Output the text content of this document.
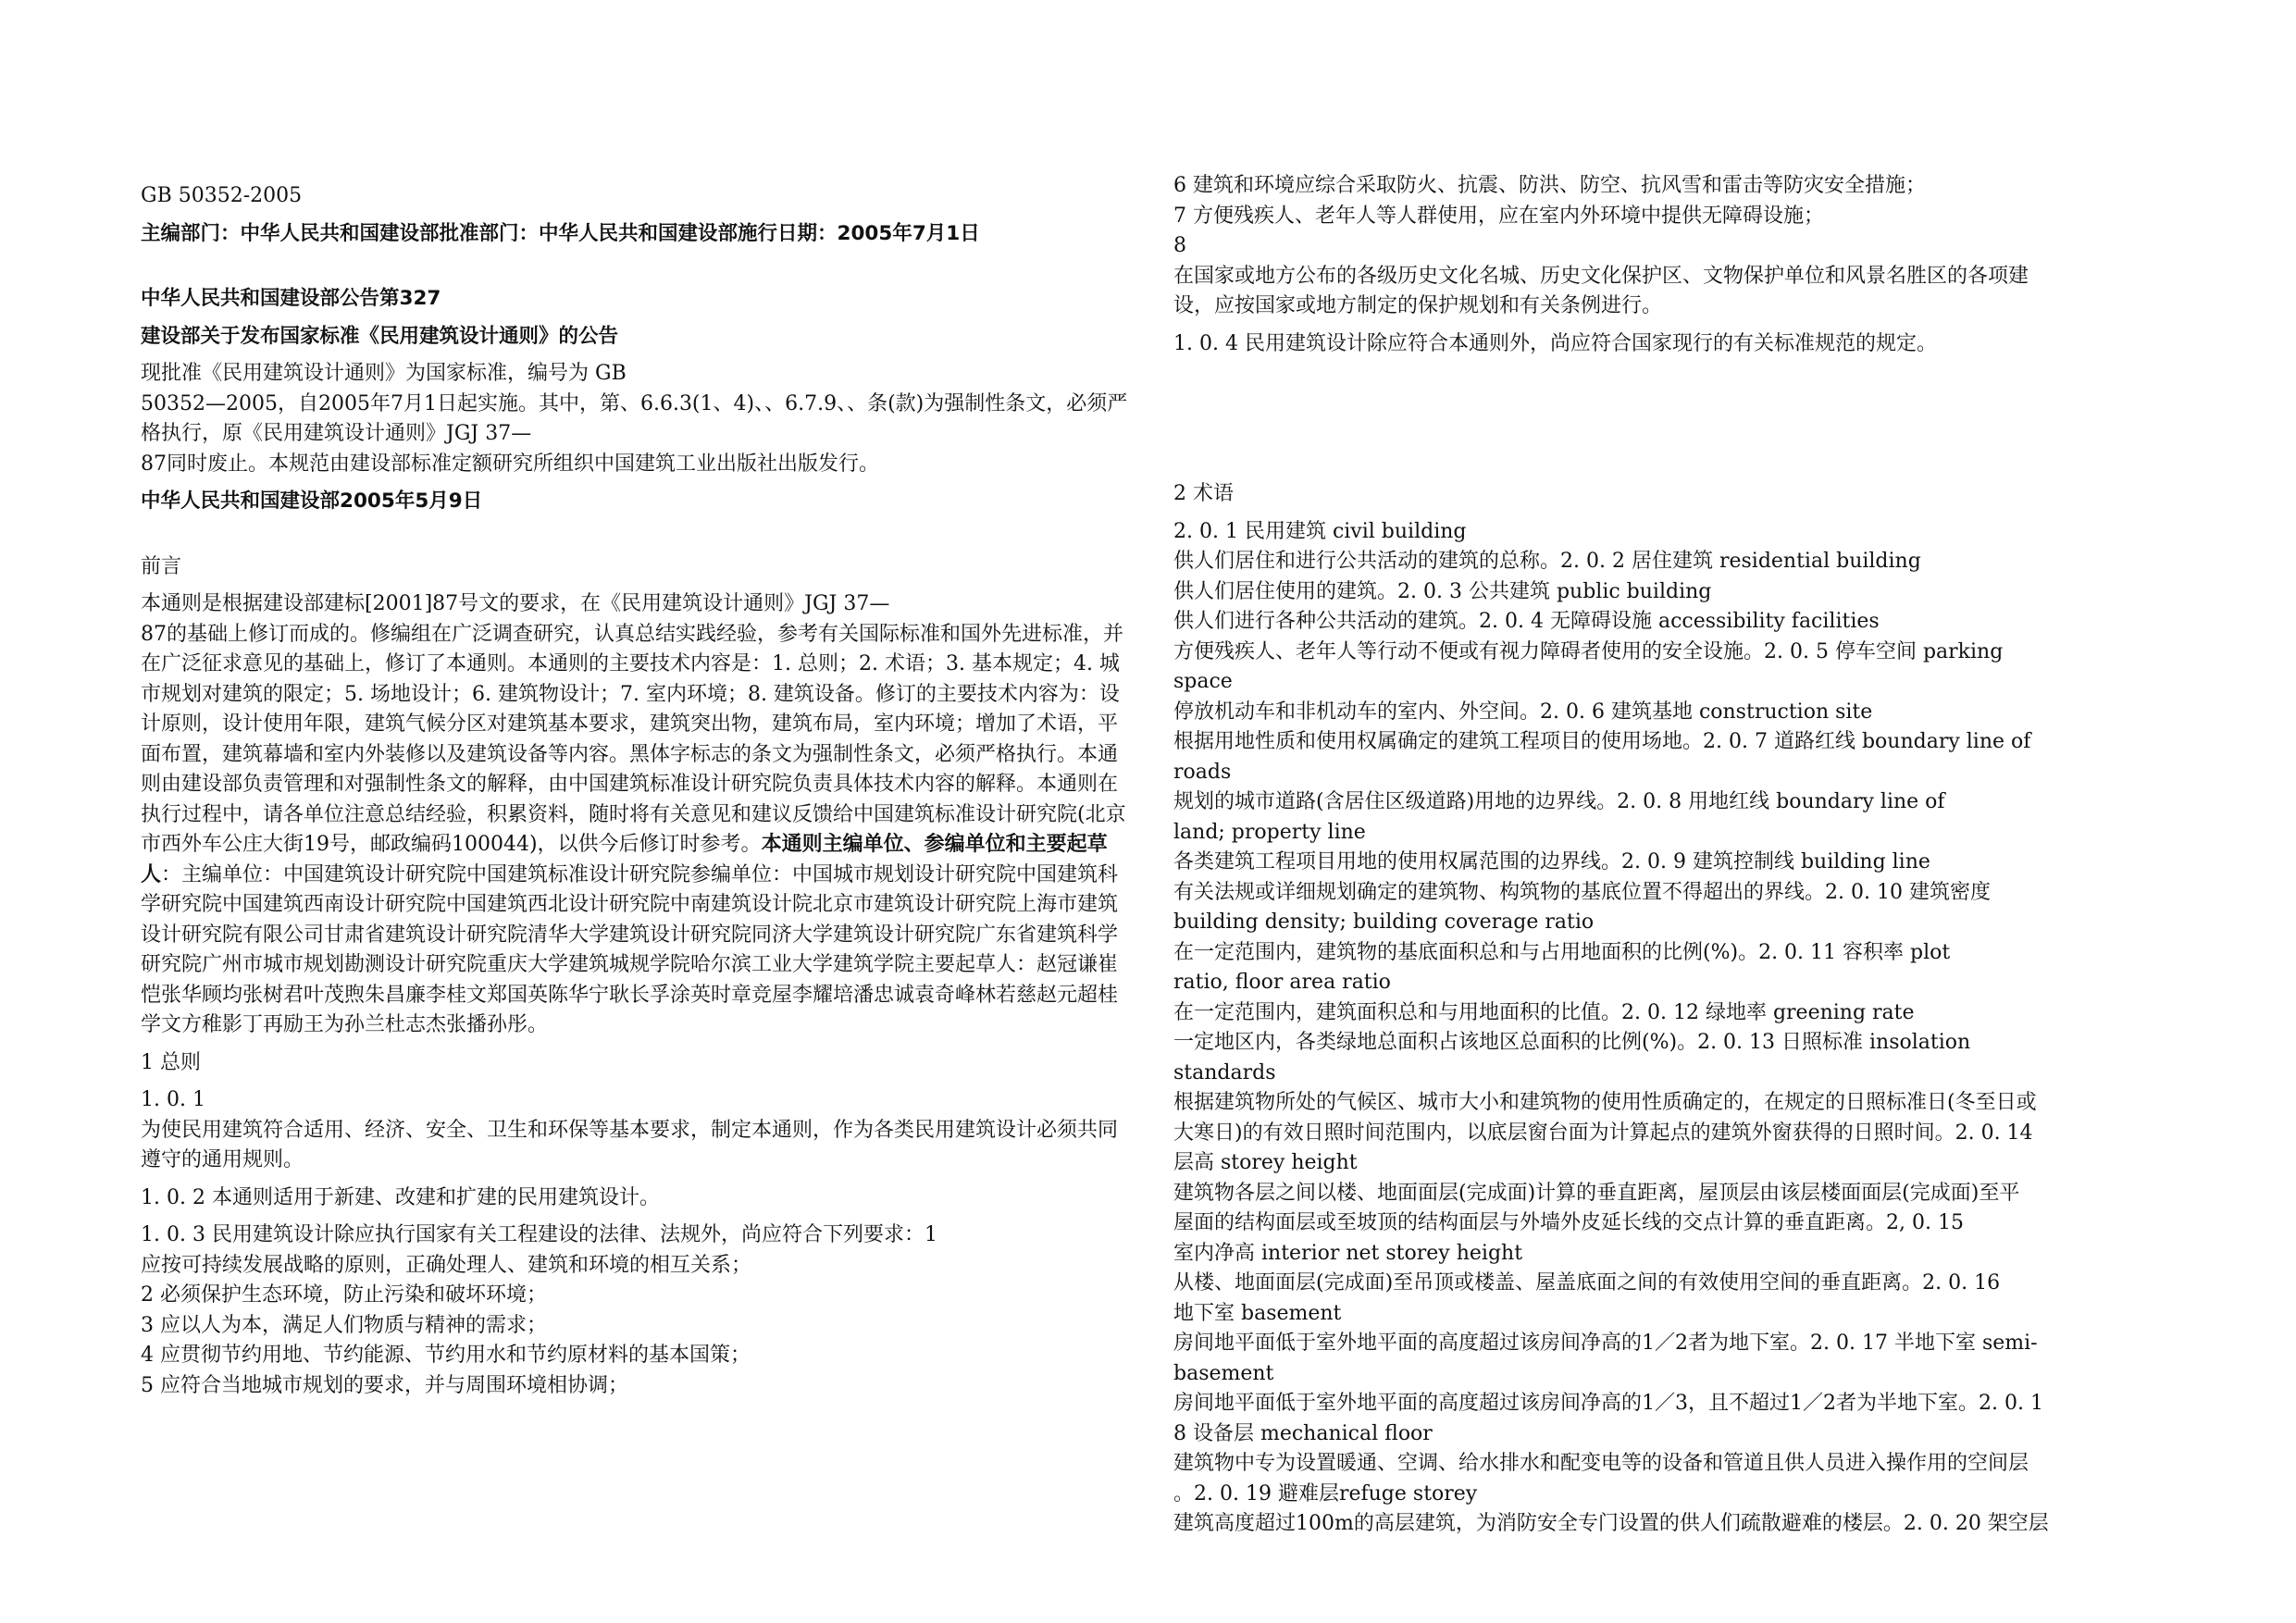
GB 50352-2005
主编部门：中华人民共和国建设部批准部门：中华人民共和国建设部施行日期：2005年7月1日
中华人民共和国建设部公告第327
建设部关于发布国家标准《民用建筑设计通则》的公告
现批准《民用建筑设计通则》为国家标准，编号为 GB
50352—2005，自2005年7月1日起实施。其中，第、6.6.3(1、4)、、6.7.9、、条(款)为强制性条文，必须严格执行，原《民用建筑设计通则》JGJ 37—
87同时废止。本规范由建设部标准定额研究所组织中国建筑工业出版社出版发行。
中华人民共和国建设部2005年5月9日
前言
本通则是根据建设部建标[2001]87号文的要求，在《民用建筑设计通则》JGJ 37—
87的基础上修订而成的。修编组在广泛调查研究，认真总结实践经验，参考有关国际标准和国外先进标准，并在广泛征求意见的基础上，修订了本通则。本通则的主要技术内容是：1. 总则；2. 术语；3. 基本规定；4. 城市规划对建筑的限定；5. 场地设计；6. 建筑物设计；7. 室内环境；8. 建筑设备。修订的主要技术内容为：设计原则，设计使用年限，建筑气候分区对建筑基本要求，建筑突出物，建筑布局，室内环境；增加了术语，平面布置，建筑幕墙和室内外装修以及建筑设备等内容。黑体字标志的条文为强制性条文，必须严格执行。本通则由建设部负责管理和对强制性条文的解释，由中国建筑标准设计研究院负责具体技术内容的解释。本通则在执行过程中，请各单位注意总结经验，积累资料，随时将有关意见和建议反馈给中国建筑标准设计研究院(北京市西外车公庄大街19号，邮政编码100044)，以供今后修订时参考。本通则主编单位、参编单位和主要起草人：主编单位：中国建筑设计研究院中国建筑标准设计研究院参编单位：中国城市规划设计研究院中国建筑科学研究院中国建筑西南设计研究院中国建筑西北设计研究院中南建筑设计院北京市建筑设计研究院上海市建筑设计研究院有限公司甘肃省建筑设计研究院清华大学建筑设计研究院同济大学建筑设计研究院广东省建筑科学研究院广州市城市规划勘测设计研究院重庆大学建筑城规学院哈尔滨工业大学建筑学院主要起草人：赵冠谦崔恺张华顾均张树君叶茂煦朱昌廉李桂文郑国英陈华宁耿长孚涂英时章竞屋李耀培潘忠诚袁奇峰林若慈赵元超桂学文方稚影丁再励王为孙兰杜志杰张播孙彤。
1 总则
1. 0. 1
为使民用建筑符合适用、经济、安全、卫生和环保等基本要求，制定本通则，作为各类民用建筑设计必须共同遵守的通用规则。
1. 0. 2 本通则适用于新建、改建和扩建的民用建筑设计。
1. 0. 3 民用建筑设计除应执行国家有关工程建设的法律、法规外，尚应符合下列要求：1
应按可持续发展战略的原则，正确处理人、建筑和环境的相互关系；
2 必须保护生态环境，防止污染和破坏环境；
3 应以人为本，满足人们物质与精神的需求；
4 应贯彻节约用地、节约能源、节约用水和节约原材料的基本国策；
5 应符合当地城市规划的要求，并与周围环境相协调；
6 建筑和环境应综合采取防火、抗震、防洪、防空、抗风雪和雷击等防灾安全措施；
7 方便残疾人、老年人等人群使用，应在室内外环境中提供无障碍设施；
8
在国家或地方公布的各级历史文化名城、历史文化保护区、文物保护单位和风景名胜区的各项建
设，应按国家或地方制定的保护规划和有关条例进行。
1. 0. 4 民用建筑设计除应符合本通则外，尚应符合国家现行的有关标准规范的规定。
2 术语
2. 0. 1 民用建筑 civil building
供人们居住和进行公共活动的建筑的总称。2. 0. 2 居住建筑 residential building
供人们居住使用的建筑。2. 0. 3 公共建筑 public building
供人们进行各种公共活动的建筑。2. 0. 4 无障碍设施 accessibility facilities
方便残疾人、老年人等行动不便或有视力障碍者使用的安全设施。2. 0. 5 停车空间 parking
space
停放机动车和非机动车的室内、外空间。2. 0. 6 建筑基地 construction site
根据用地性质和使用权属确定的建筑工程项目的使用场地。2. 0. 7 道路红线 boundary line of
roads
规划的城市道路(含居住区级道路)用地的边界线。2. 0. 8 用地红线 boundary line of
land; property line
各类建筑工程项目用地的使用权属范围的边界线。2. 0. 9 建筑控制线 building line
有关法规或详细规划确定的建筑物、构筑物的基底位置不得超出的界线。2. 0. 10 建筑密度
building density; building coverage ratio
在一定范围内，建筑物的基底面积总和与占用地面积的比例(%)。2. 0. 11 容积率 plot
ratio, floor area ratio
在一定范围内，建筑面积总和与用地面积的比值。2. 0. 12 绿地率 greening rate
一定地区内，各类绿地总面积占该地区总面积的比例(%)。2. 0. 13 日照标准 insolation
standards
根据建筑物所处的气候区、城市大小和建筑物的使用性质确定的，在规定的日照标准日(冬至日或
大寒日)的有效日照时间范围内，以底层窗台面为计算起点的建筑外窗获得的日照时间。2. 0. 14
层高 storey height
建筑物各层之间以楼、地面面层(完成面)计算的垂直距离，屋顶层由该层楼面面层(完成面)至平
屋面的结构面层或至坡顶的结构面层与外墙外皮延长线的交点计算的垂直距离。2, 0. 15
室内净高 interior net storey height
从楼、地面面层(完成面)至吊顶或楼盖、屋盖底面之间的有效使用空间的垂直距离。2. 0. 16
地下室 basement
房间地平面低于室外地平面的高度超过该房间净高的1／2者为地下室。2. 0. 17 半地下室 semi-
basement
房间地平面低于室外地平面的高度超过该房间净高的1／3，且不超过1／2者为半地下室。2. 0. 1
8 设备层 mechanical floor
建筑物中专为设置暖通、空调、给水排水和配变电等的设备和管道且供人员进入操作用的空间层
。2. 0. 19 避难层refuge storey
建筑高度超过100m的高层建筑，为消防安全专门设置的供人们疏散避难的楼层。2. 0. 20 架空层
